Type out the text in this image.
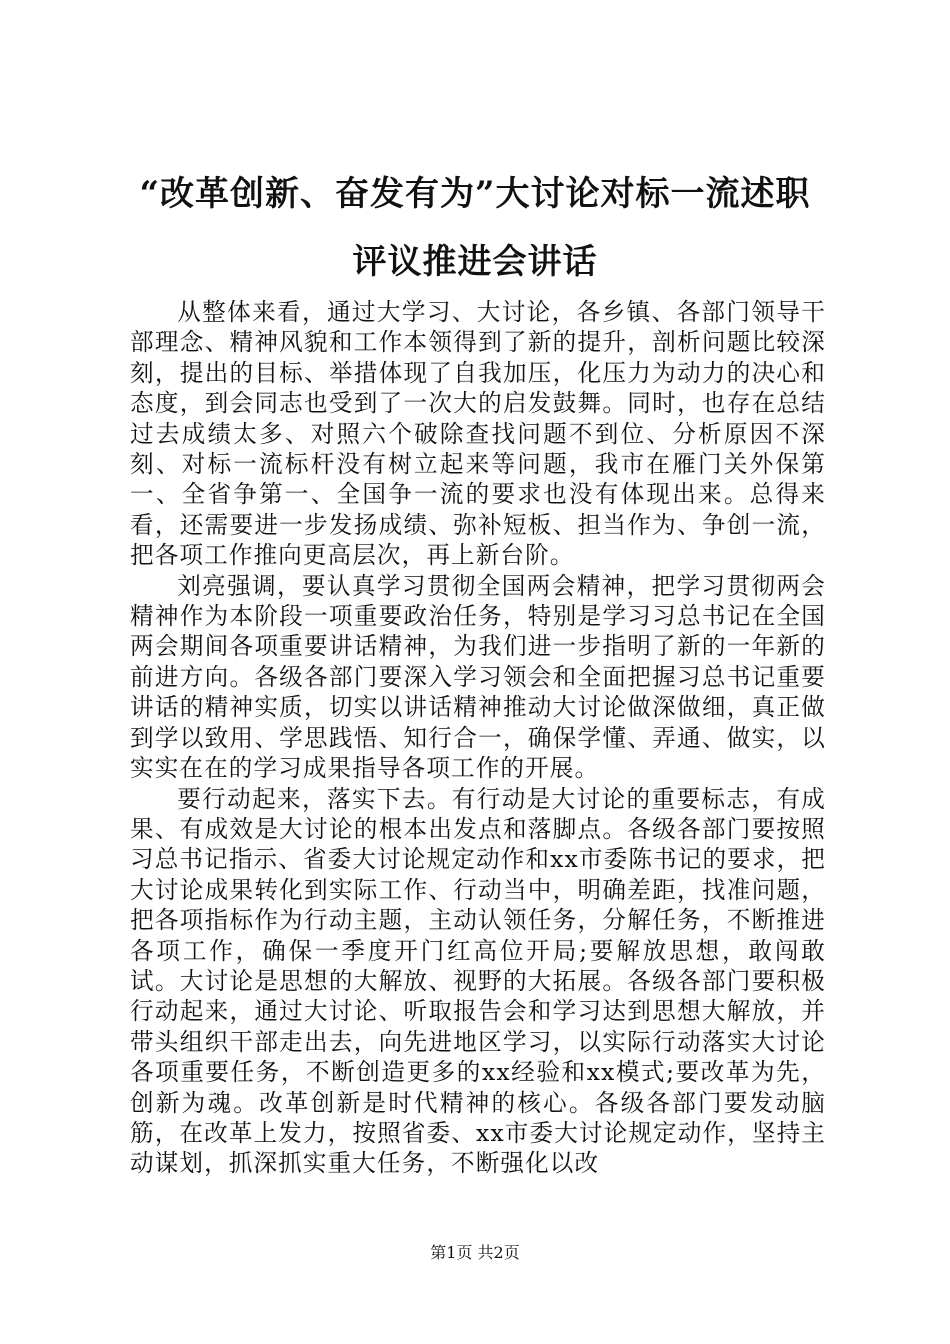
“改革创新、奋发有为”大讨论对标一流述职
评议推进会讲话

从整体来看，通过大学习、大讨论，各乡镇、各部门领导干部理念、精神风貌和工作本领得到了新的提升，剖析问题比较深刻，提出的目标、举措体现了自我加压，化压力为动力的决心和态度，到会同志也受到了一次大的启发鼓舞。同时，也存在总结过去成绩太多、对照六个破除查找问题不到位、分析原因不深刻、对标一流标杆没有树立起来等问题，我市在雁门关外保第一、全省争第一、全国争一流的要求也没有体现出来。总得来看，还需要进一步发扬成绩、弥补短板、担当作为、争创一流，把各项工作推向更高层次，再上新台阶。

刘亮强调，要认真学习贯彻全国两会精神，把学习贯彻两会精神作为本阶段一项重要政治任务，特别是学习习总书记在全国两会期间各项重要讲话精神，为我们进一步指明了新的一年新的前进方向。各级各部门要深入学习领会和全面把握习总书记重要讲话的精神实质，切实以讲话精神推动大讨论做深做细，真正做到学以致用、学思践悟、知行合一，确保学懂、弄通、做实，以实实在在的学习成果指导各项工作的开展。

要行动起来，落实下去。有行动是大讨论的重要标志，有成果、有成效是大讨论的根本出发点和落脚点。各级各部门要按照习总书记指示、省委大讨论规定动作和xx市委陈书记的要求，把大讨论成果转化到实际工作、行动当中，明确差距，找准问题，把各项指标作为行动主题，主动认领任务，分解任务，不断推进各项工作，确保一季度开门红高位开局;要解放思想，敢闯敢试。大讨论是思想的大解放、视野的大拓展。各级各部门要积极行动起来，通过大讨论、听取报告会和学习达到思想大解放，并带头组织干部走出去，向先进地区学习，以实际行动落实大讨论各项重要任务，不断创造更多的xx经验和xx模式;要改革为先，创新为魂。改革创新是时代精神的核心。各级各部门要发动脑筋，在改革上发力，按照省委、xx市委大讨论规定动作，坚持主动谋划，抓深抓实重大任务，不断强化以改

第1页 共2页
